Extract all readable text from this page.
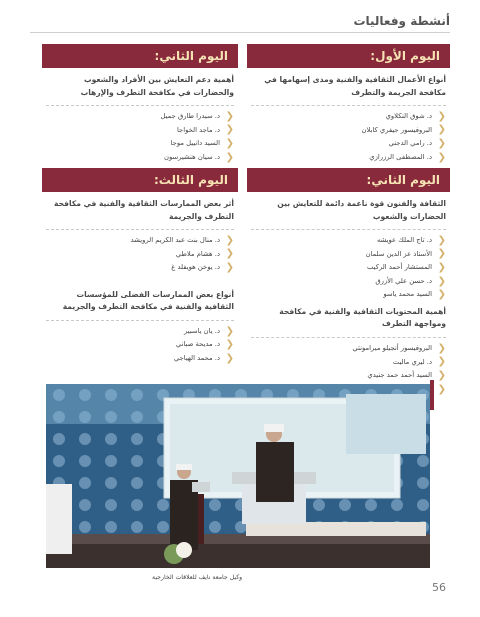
أنشطة وفعاليات
اليوم الأول:
أنواع الأعمال الثقافية والفنية ومدى إسهامها في مكافحة الجريمة والتطرف
❮
د. شوق النكلاوي
❮
البروفيسور جيفري كابلان
❮
د. رامي الدجني
❮
د. المصطفى الرزرازي
اليوم الثاني:
أهمية دعم التعايش بين الأفراد والشعوب والحضارات في مكافحة التطرف والإرهاب
❮
د. سيدرا طارق جميل
❮
د. ماجد الخواجا
❮
السيد دانييل موجا
❮
د. سيان هنشيرسون
اليوم الثاني:
الثقافة والفنون قوة ناعمة دائمة للتعايش بين الحضارات والشعوب
❮
د. تاج الملك عويشه
❮
الأستاذ عز الدين سلمان
❮
المستشار أحمد الركيب
❮
د. حسن علي الأزرق
❮
السيد محمد ياسو
أهمية المحتويات الثقافية والفنية في مكافحة ومواجهة التطرف
❮
البروفيسور أنجيلو ميرامونتي
❮
د. ليري ماليت
❮
السيد أحمد حمد جنيدي
❮
اليوم الثالث:
أثر بعض الممارسات الثقافية والفنية في مكافحة التطرف والجريمة
❮
د. منال بنت عبد الكريم الرويشد
❮
د. هشام ملاطي
❮
د. يوخن هويفلد غ
أنواع بعض الممارسات الفضلى للمؤسسات الثقافية والفنية في مكافحة التطرف والجريمة
❮
د. يان ياسبير
❮
د. مديحة صباني
❮
د. محمد الهياجي
وكيل جامعة نايف للعلاقات الخارجية
56
